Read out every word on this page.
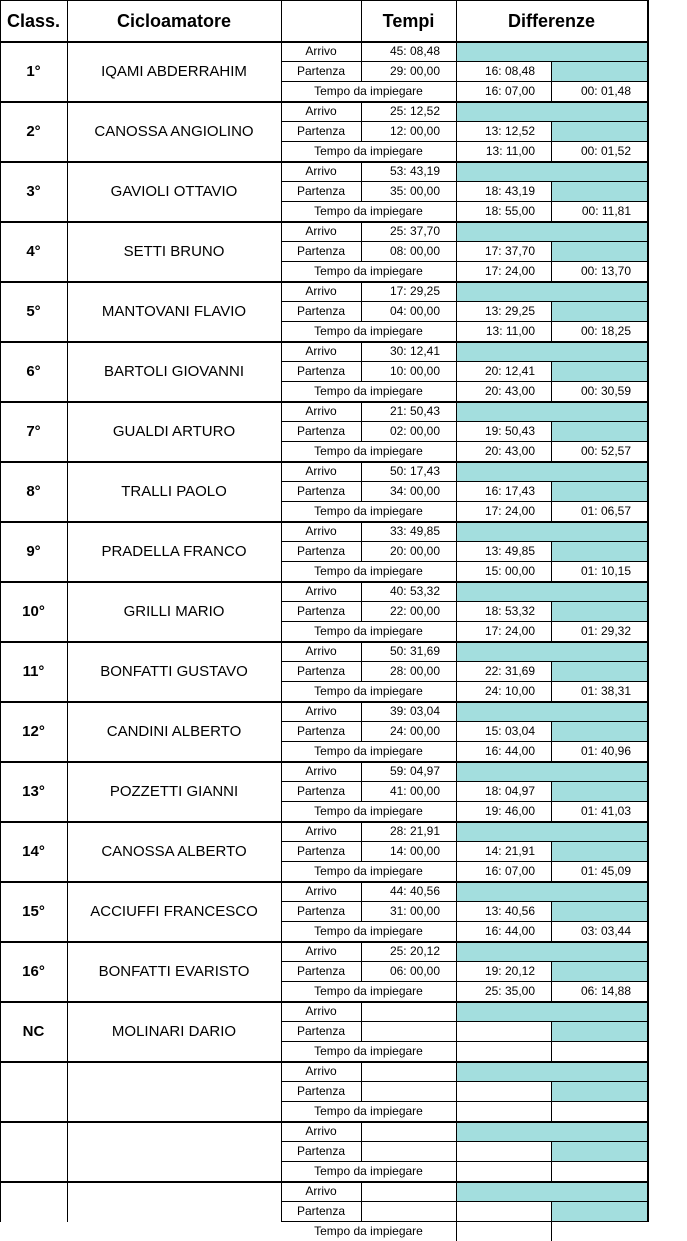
Class.	Cicloamatore	Tempi	Differenze
1°	IQAMI ABDERRAHIM
Arrivo	45: 08,48
Partenza	29: 00,00	16: 08,48
Tempo da impiegare	16: 07,00	00: 01,48
2°	CANOSSA ANGIOLINO
Arrivo	25: 12,52
Partenza	12: 00,00	13: 12,52
Tempo da impiegare	13: 11,00	00: 01,52
3°	GAVIOLI OTTAVIO
Arrivo	53: 43,19
Partenza	35: 00,00	18: 43,19
Tempo da impiegare	18: 55,00	00: 11,81
4°	SETTI BRUNO
Arrivo	25: 37,70
Partenza	08: 00,00	17: 37,70
Tempo da impiegare	17: 24,00	00: 13,70
5°	MANTOVANI FLAVIO
Arrivo	17: 29,25
Partenza	04: 00,00	13: 29,25
Tempo da impiegare	13: 11,00	00: 18,25
6°	BARTOLI GIOVANNI
Arrivo	30: 12,41
Partenza	10: 00,00	20: 12,41
Tempo da impiegare	20: 43,00	00: 30,59
7°	GUALDI ARTURO
Arrivo	21: 50,43
Partenza	02: 00,00	19: 50,43
Tempo da impiegare	20: 43,00	00: 52,57
8°	TRALLI PAOLO
Arrivo	50: 17,43
Partenza	34: 00,00	16: 17,43
Tempo da impiegare	17: 24,00	01: 06,57
9°	PRADELLA FRANCO
Arrivo	33: 49,85
Partenza	20: 00,00	13: 49,85
Tempo da impiegare	15: 00,00	01: 10,15
10°	GRILLI MARIO
Arrivo	40: 53,32
Partenza	22: 00,00	18: 53,32
Tempo da impiegare	17: 24,00	01: 29,32
11°	BONFATTI GUSTAVO
Arrivo	50: 31,69
Partenza	28: 00,00	22: 31,69
Tempo da impiegare	24: 10,00	01: 38,31
12°	CANDINI ALBERTO
Arrivo	39: 03,04
Partenza	24: 00,00	15: 03,04
Tempo da impiegare	16: 44,00	01: 40,96
13°	POZZETTI GIANNI
Arrivo	59: 04,97
Partenza	41: 00,00	18: 04,97
Tempo da impiegare	19: 46,00	01: 41,03
14°	CANOSSA ALBERTO
Arrivo	28: 21,91
Partenza	14: 00,00	14: 21,91
Tempo da impiegare	16: 07,00	01: 45,09
15°	ACCIUFFI FRANCESCO
Arrivo	44: 40,56
Partenza	31: 00,00	13: 40,56
Tempo da impiegare	16: 44,00	03: 03,44
16°	BONFATTI EVARISTO
Arrivo	25: 20,12
Partenza	06: 00,00	19: 20,12
Tempo da impiegare	25: 35,00	06: 14,88
NC	MOLINARI DARIO
Arrivo
Partenza
Tempo da impiegare
Arrivo
Partenza
Tempo da impiegare
Arrivo
Partenza
Tempo da impiegare
Arrivo
Partenza
Tempo da impiegare
